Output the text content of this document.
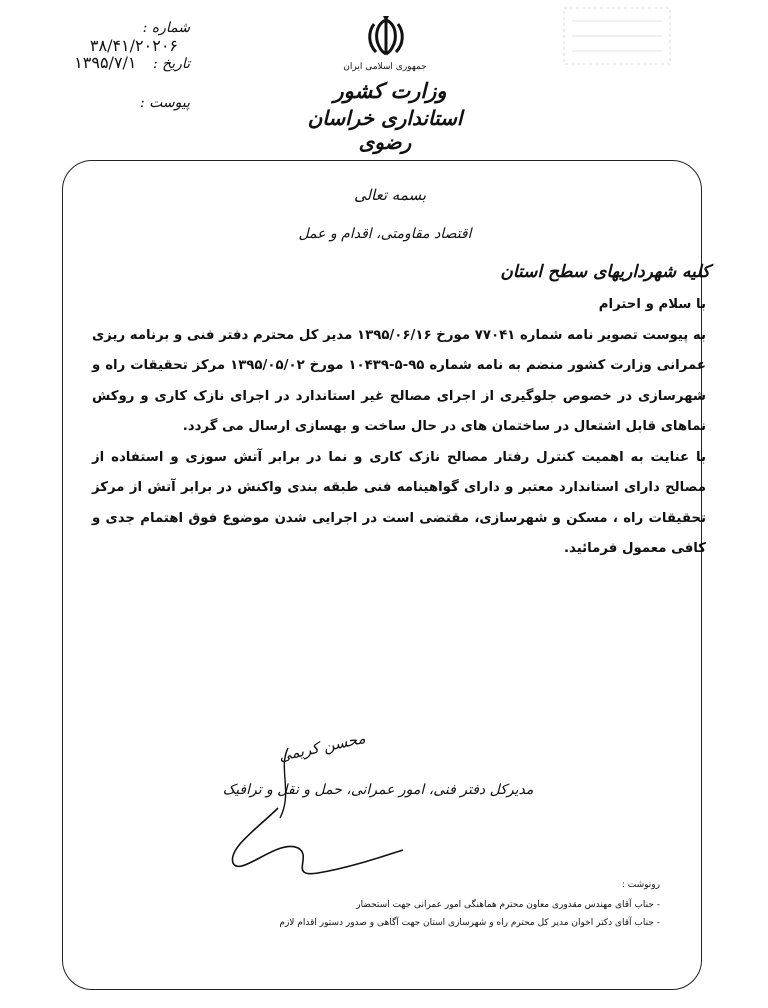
شماره : ۳۸/۴۱/۲۰۲۰۶
تاریخ : ۱۳۹۵/۷/۱
پیوست :
جمهوری اسلامی ایران
وزارت کشور
استانداری خراسان رضوی
بسمه تعالی
اقتصاد مقاومتی، اقدام و عمل
کلیه شهرداریهای سطح استان

با سلام و احترام

به پیوست تصویر نامه شماره ۷۷۰۴۱ مورخ ۱۳۹۵/۰۶/۱۶ مدیر کل محترم دفتر فنی و برنامه ریزی عمرانی وزارت کشور منضم به نامه شماره ۹۵-۵-۱۰۴۳۹ مورخ ۱۳۹۵/۰۵/۰۲ مرکز تحقیقات راه و شهرسازی در خصوص جلوگیری از اجرای مصالح غیر استاندارد در اجرای نازک کاری و روکش نماهای قابل اشتعال در ساختمان های در حال ساخت و بهسازی ارسال می گردد.

با عنایت به اهمیت کنترل رفتار مصالح نازک کاری و نما در برابر آتش سوزی و استفاده از مصالح دارای استاندارد معتبر و دارای گواهینامه فنی طبقه بندی واکنش در برابر آتش از مرکز تحقیقات راه ، مسکن و شهرسازی، مقتضی است در اجرایی شدن موضوع فوق اهتمام جدی و کافی معمول فرمائید.

محسن کریمی
مدیرکل دفتر فنی، امور عمرانی، حمل و نقل و ترافیک
رونوشت :
- جناب آقای مهندس مقدوری معاون محترم هماهنگی امور عمرانی جهت استحضار
- جناب آقای دکتر اخوان مدیر کل محترم راه و شهرسازی استان جهت آگاهی و صدور دستور اقدام لازم
